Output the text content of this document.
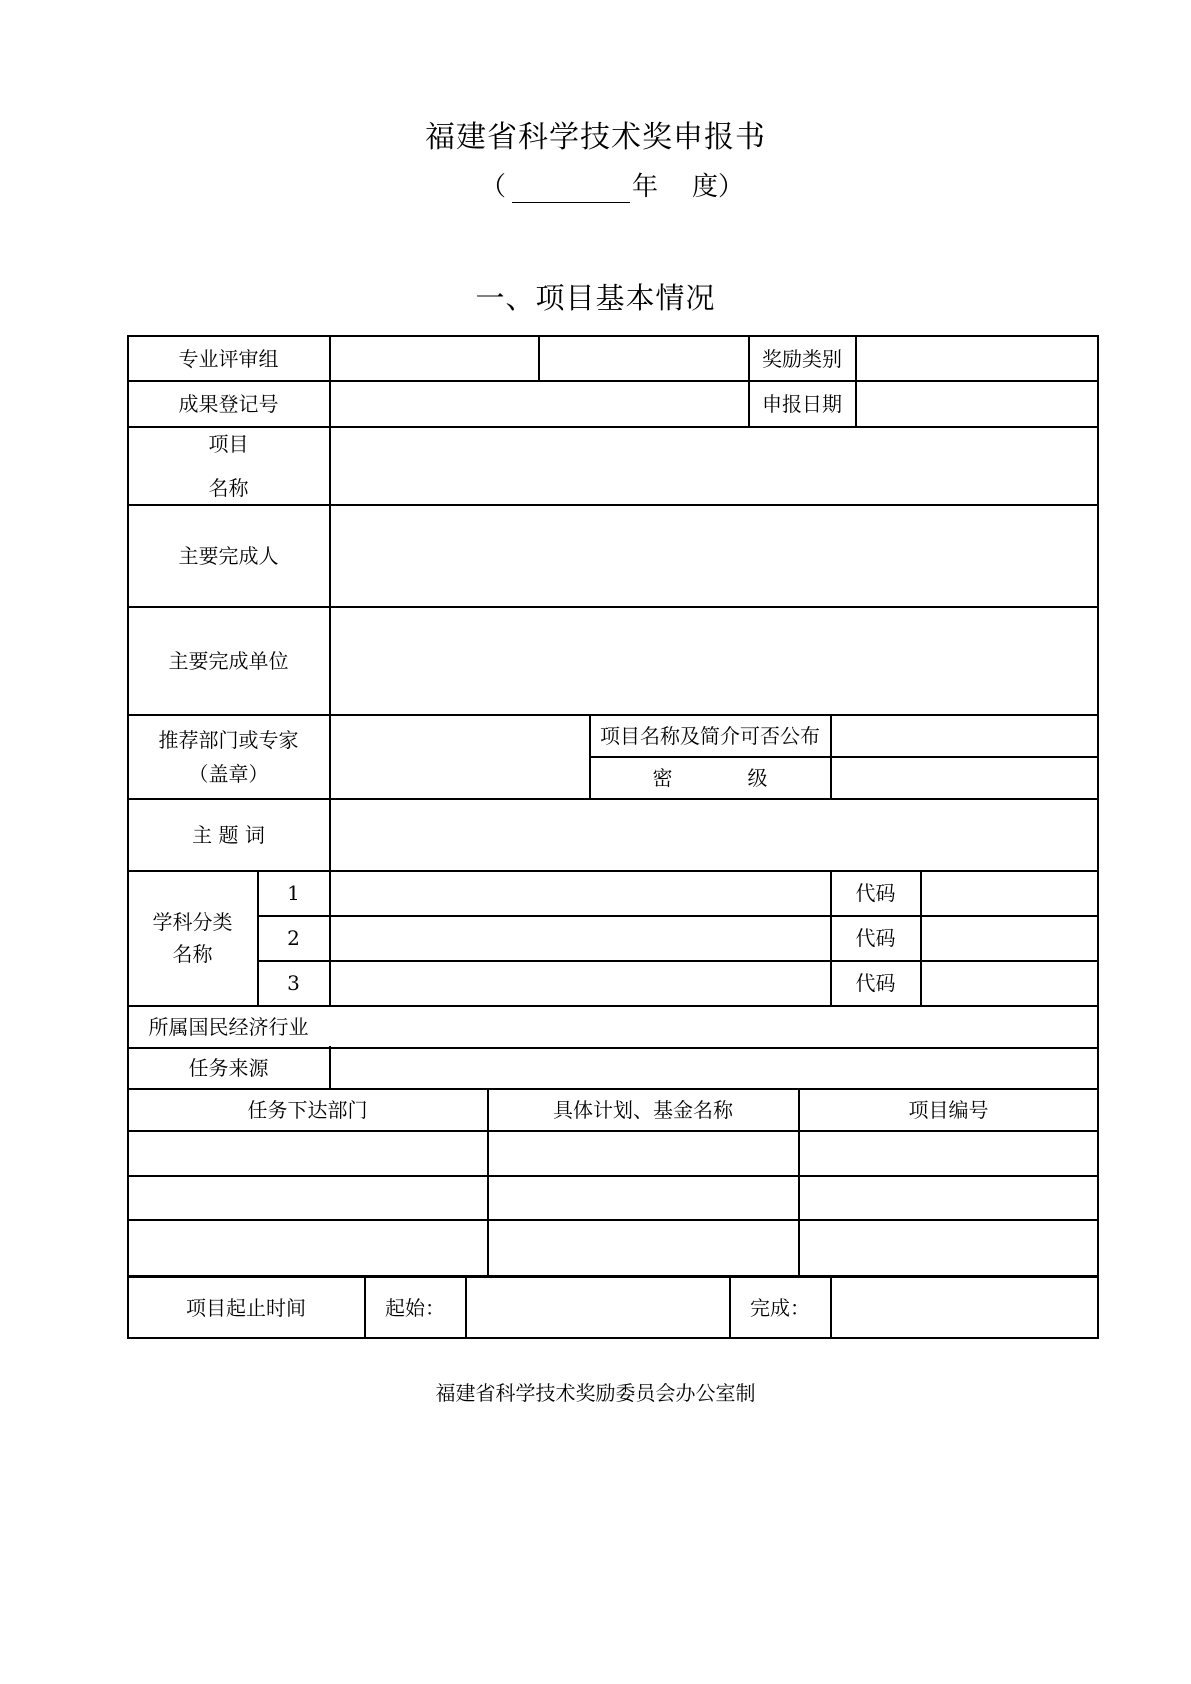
福建省科学技术奖申报书
（	年 度）
一、项目基本情况
专业评审组	奖励类别
成果登记号	申报日期
项目
名称
主要完成人
主要完成单位
推荐部门或专家
（盖章）
项目名称及简介可否公布
密	级
主 题 词
学科分类
名称
1	代码
2	代码
3	代码
所属国民经济行业
任务来源
任务下达部门	具体计划、基金名称	项目编号
项目起止时间	起始：	完成：
福建省科学技术奖励委员会办公室制
